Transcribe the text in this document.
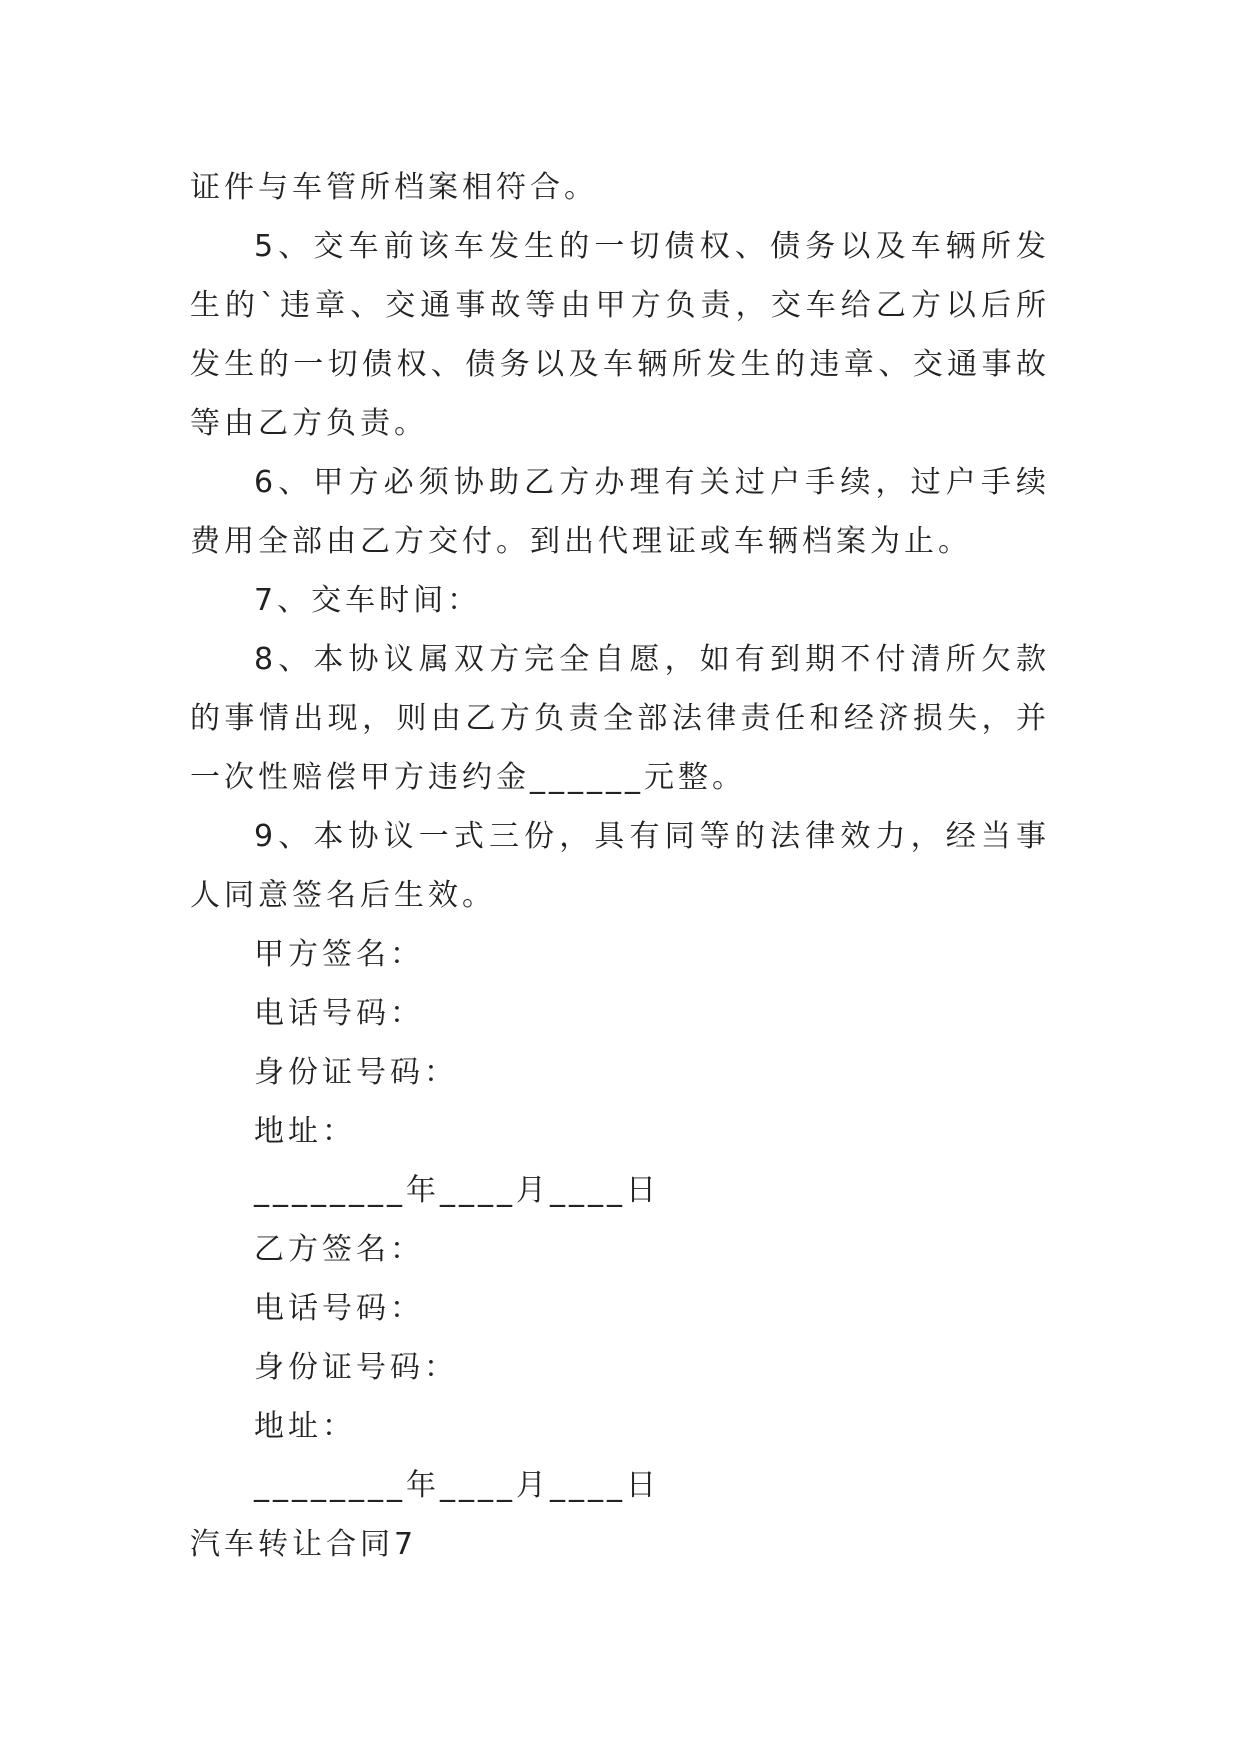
证件与车管所档案相符合。

5、交车前该车发生的一切债权、债务以及车辆所发生的`违章、交通事故等由甲方负责，交车给乙方以后所发生的一切债权、债务以及车辆所发生的违章、交通事故等由乙方负责。

6、甲方必须协助乙方办理有关过户手续，过户手续费用全部由乙方交付。到出代理证或车辆档案为止。

7、交车时间：

8、本协议属双方完全自愿，如有到期不付清所欠款的事情出现，则由乙方负责全部法律责任和经济损失，并一次性赔偿甲方违约金______元整。

9、本协议一式三份，具有同等的法律效力，经当事人同意签名后生效。

甲方签名：

电话号码：

身份证号码：

地址：

________年____月____日

乙方签名：

电话号码：

身份证号码：

地址：

________年____月____日

汽车转让合同7
